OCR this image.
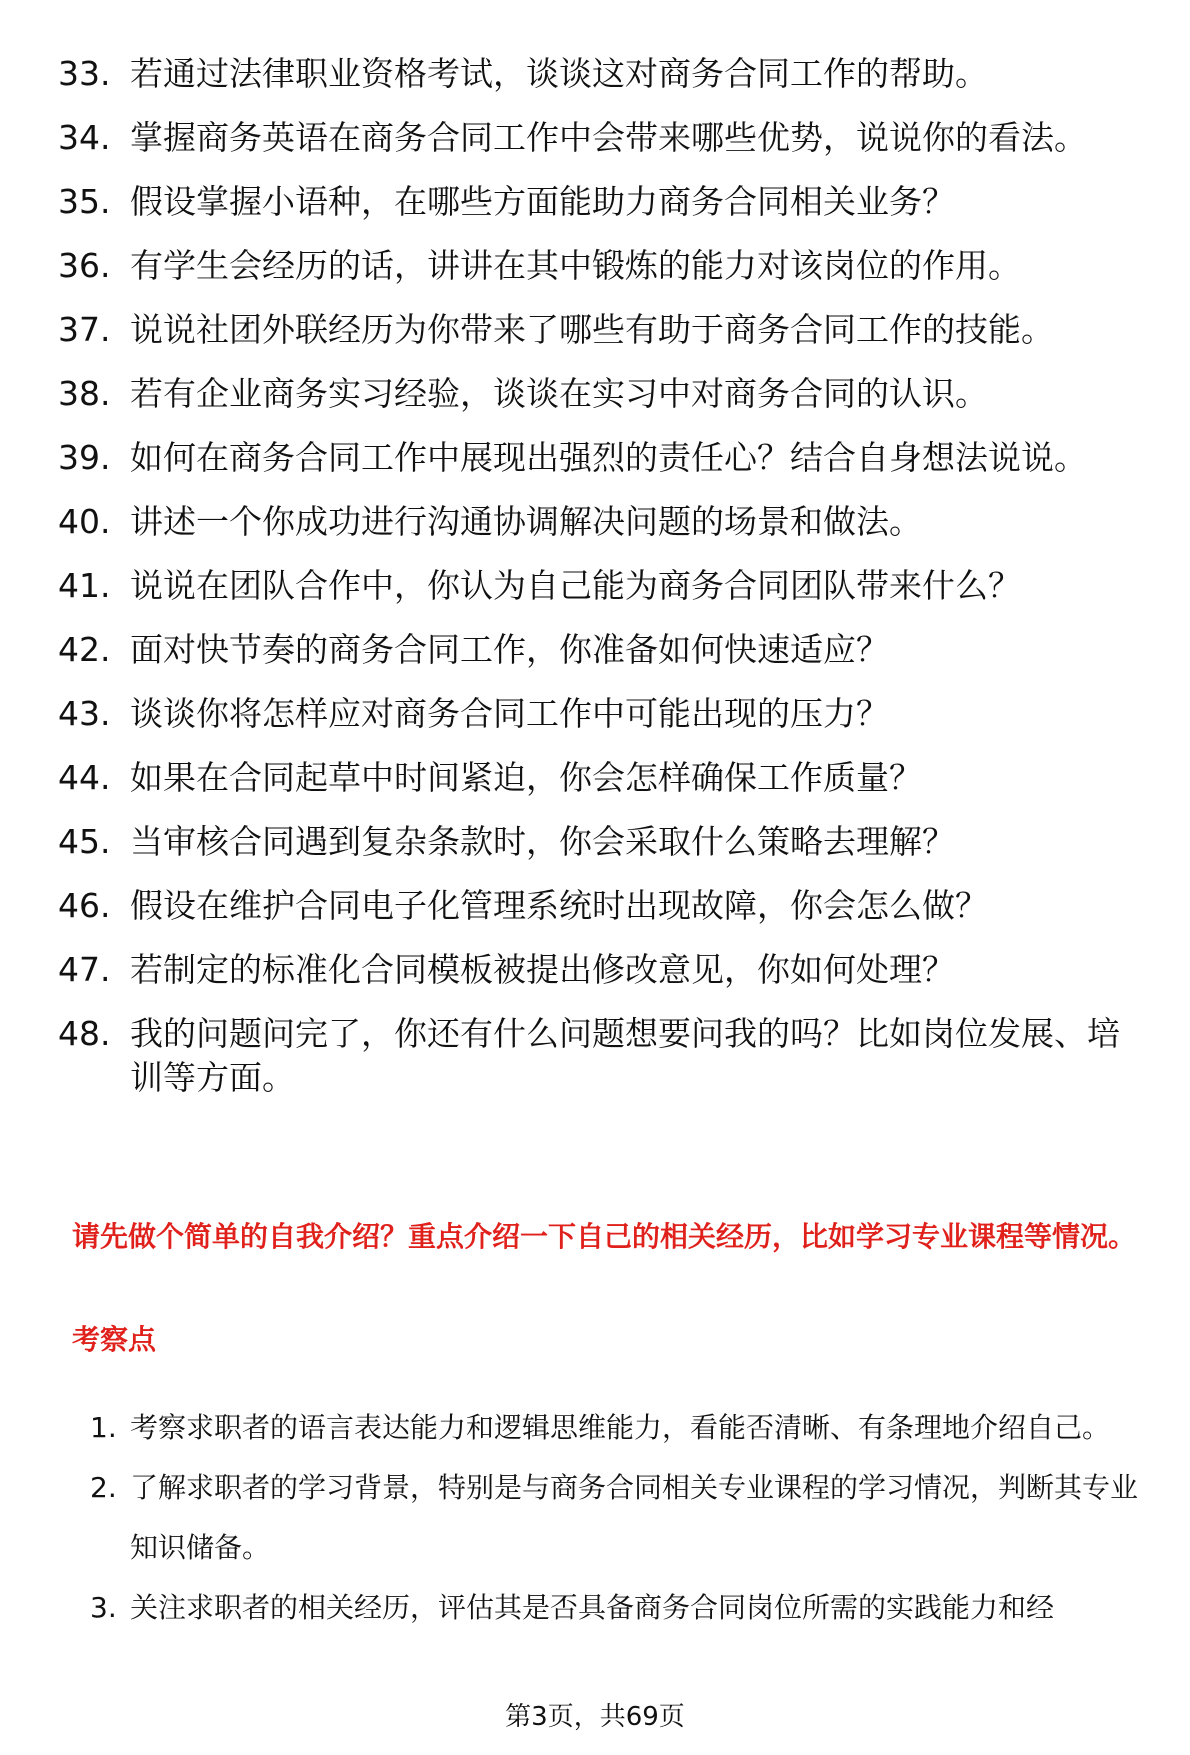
33. 若通过法律职业资格考试，谈谈这对商务合同工作的帮助。
34. 掌握商务英语在商务合同工作中会带来哪些优势，说说你的看法。
35. 假设掌握小语种，在哪些方面能助力商务合同相关业务？
36. 有学生会经历的话，讲讲在其中锻炼的能力对该岗位的作用。
37. 说说社团外联经历为你带来了哪些有助于商务合同工作的技能。
38. 若有企业商务实习经验，谈谈在实习中对商务合同的认识。
39. 如何在商务合同工作中展现出强烈的责任心？结合自身想法说说。
40. 讲述一个你成功进行沟通协调解决问题的场景和做法。
41. 说说在团队合作中，你认为自己能为商务合同团队带来什么？
42. 面对快节奏的商务合同工作，你准备如何快速适应？
43. 谈谈你将怎样应对商务合同工作中可能出现的压力？
44. 如果在合同起草中时间紧迫，你会怎样确保工作质量？
45. 当审核合同遇到复杂条款时，你会采取什么策略去理解？
46. 假设在维护合同电子化管理系统时出现故障，你会怎么做？
47. 若制定的标准化合同模板被提出修改意见，你如何处理？
48. 我的问题问完了，你还有什么问题想要问我的吗？比如岗位发展、培训等方面。
请先做个简单的自我介绍？重点介绍一下自己的相关经历，比如学习专业课程等情况。
考察点
1. 考察求职者的语言表达能力和逻辑思维能力，看能否清晰、有条理地介绍自己。
2. 了解求职者的学习背景，特别是与商务合同相关专业课程的学习情况，判断其专业知识储备。
3. 关注求职者的相关经历，评估其是否具备商务合同岗位所需的实践能力和经
第3页，共69页
